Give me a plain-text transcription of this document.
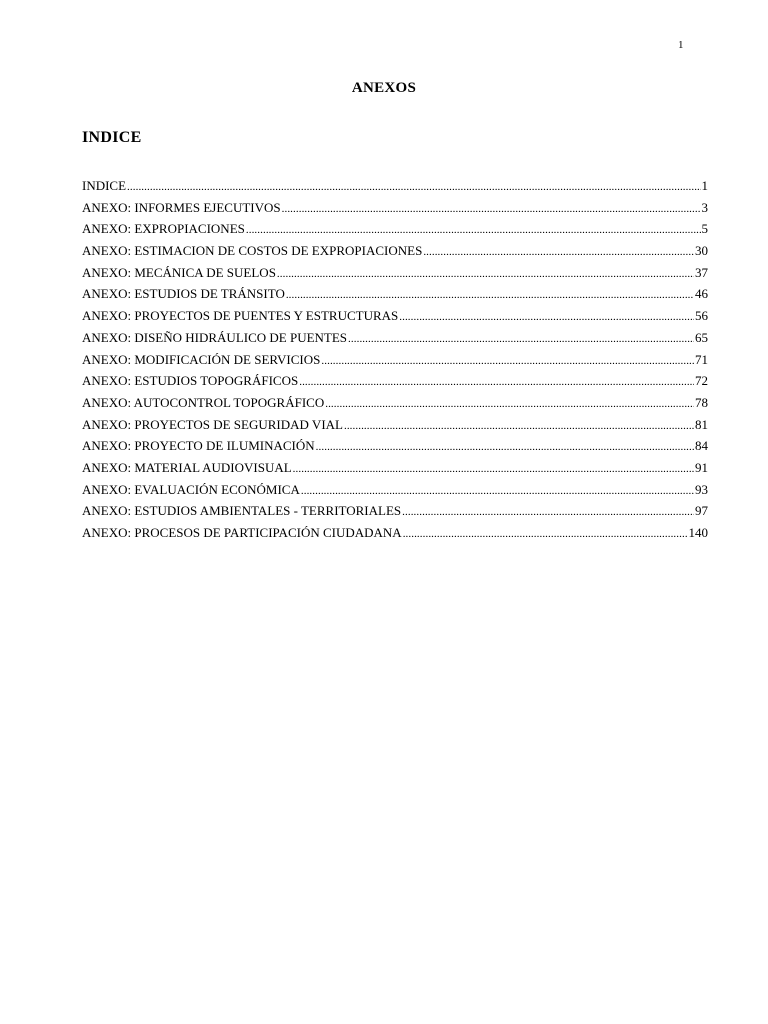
1
ANEXOS
INDICE
INDICE .....	1
ANEXO: INFORMES EJECUTIVOS .....	3
ANEXO: EXPROPIACIONES .....	5
ANEXO: ESTIMACION DE COSTOS DE EXPROPIACIONES .....	30
ANEXO: MECÁNICA DE SUELOS .....	37
ANEXO: ESTUDIOS DE TRÁNSITO .....	46
ANEXO: PROYECTOS DE PUENTES Y ESTRUCTURAS .....	56
ANEXO: DISEÑO HIDRÁULICO DE PUENTES .....	65
ANEXO: MODIFICACIÓN DE SERVICIOS .....	71
ANEXO: ESTUDIOS TOPOGRÁFICOS .....	72
ANEXO: AUTOCONTROL TOPOGRÁFICO .....	78
ANEXO: PROYECTOS DE SEGURIDAD VIAL .....	81
ANEXO: PROYECTO DE ILUMINACIÓN .....	84
ANEXO: MATERIAL AUDIOVISUAL .....	91
ANEXO: EVALUACIÓN ECONÓMICA .....	93
ANEXO: ESTUDIOS AMBIENTALES - TERRITORIALES .....	97
ANEXO: PROCESOS DE PARTICIPACIÓN CIUDADANA .....	140
